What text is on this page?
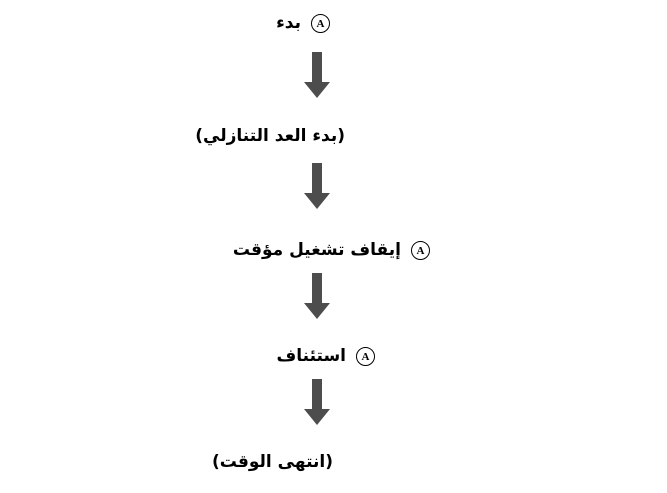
بدء	A
(بدء العد التنازلي)
إيقاف تشغيل مؤقت	A
استئناف	A
(انتهى الوقت)
